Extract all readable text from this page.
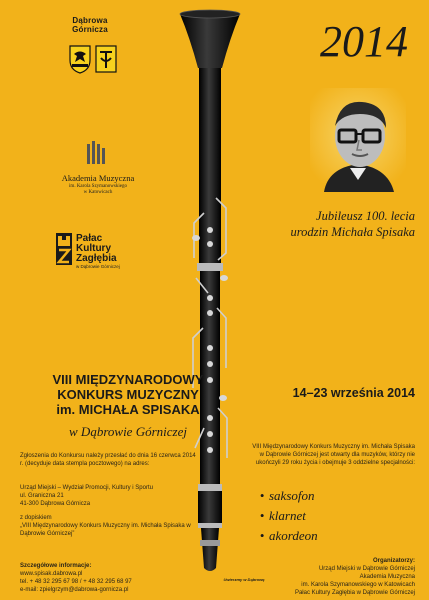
Dąbrowa Górnicza
Akademia Muzyczna
im. Karola Szymanowskiego
w Katowicach
Pałac
Kultury
Zagłębia
w Dąbrowie Górniczej
2014
Jubileusz 100. lecia
urodzin Michała Spisaka
VIII MIĘDZYNARODOWY
KONKURS MUZYCZNY
im. MICHAŁA SPISAKA
w Dąbrowie Górniczej
14–23 września 2014
Zgłoszenia do Konkursu należy przesłać do dnia 16 czerwca 2014 r. (decyduje data stempla pocztowego) na adres:
Urząd Miejski – Wydział Promocji, Kultury i Sportu
ul. Graniczna 21
41-300 Dąbrowa Górnicza
z dopiskiem
„VIII Międzynarodowy Konkurs Muzyczny im. Michała Spisaka w Dąbrowie Górniczej”
VIII Międzynarodowy Konkurs Muzyczny im. Michała Spisaka w Dąbrowie Górniczej jest otwarty dla muzyków, którzy nie ukończyli 29 roku życia i obejmuje 3 oddzielne specjalności:
• saksofon
• klarnet
• akordeon
Szczegółowe informacje:
www.spisak.dabrowa.pl
tel. + 48 32 295 67 98 / + 48 32 295 68 97
e-mail: zpielgrzym@dabrowa-gornicza.pl
Uwierzmy w Dąbrowę
Organizatorzy:
Urząd Miejski w Dąbrowie Górniczej
Akademia Muzyczna
im. Karola Szymanowskiego w Katowicach
Pałac Kultury Zagłębia w Dąbrowie Górniczej
